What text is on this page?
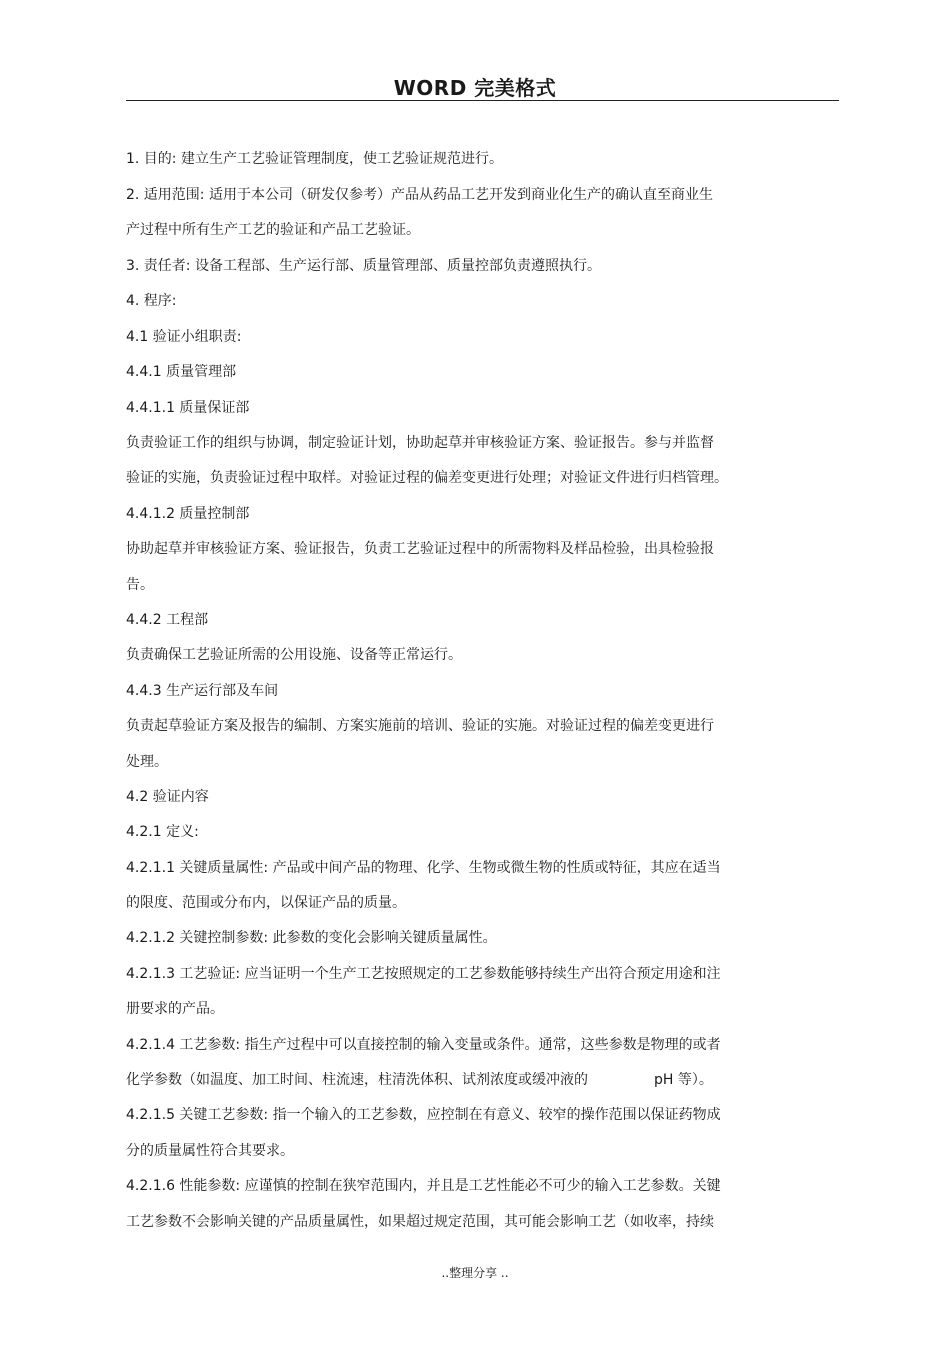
WORD 完美格式
1. 目的: 建立生产工艺验证管理制度，使工艺验证规范进行。
2. 适用范围: 适用于本公司（研发仅参考）产品从药品工艺开发到商业化生产的确认直至商业生
产过程中所有生产工艺的验证和产品工艺验证。
3. 责任者: 设备工程部、生产运行部、质量管理部、质量控部负责遵照执行。
4. 程序:
4.1 验证小组职责:
4.4.1 质量管理部
4.4.1.1 质量保证部
负责验证工作的组织与协调，制定验证计划，协助起草并审核验证方案、验证报告。参与并监督
验证的实施，负责验证过程中取样。对验证过程的偏差变更进行处理；对验证文件进行归档管理。
4.4.1.2 质量控制部
协助起草并审核验证方案、验证报告，负责工艺验证过程中的所需物料及样品检验，出具检验报
告。
4.4.2 工程部
负责确保工艺验证所需的公用设施、设备等正常运行。
4.4.3 生产运行部及车间
负责起草验证方案及报告的编制、方案实施前的培训、验证的实施。对验证过程的偏差变更进行
处理。
4.2 验证内容
4.2.1 定义:
4.2.1.1 关键质量属性: 产品或中间产品的物理、化学、生物或微生物的性质或特征，其应在适当
的限度、范围或分布内，以保证产品的质量。
4.2.1.2 关键控制参数: 此参数的变化会影响关键质量属性。
4.2.1.3 工艺验证: 应当证明一个生产工艺按照规定的工艺参数能够持续生产出符合预定用途和注
册要求的产品。
4.2.1.4 工艺参数: 指生产过程中可以直接控制的输入变量或条件。通常，这些参数是物理的或者
化学参数（如温度、加工时间、柱流速，柱清洗体积、试剂浓度或缓冲液的	pH 等）。
4.2.1.5 关键工艺参数: 指一个输入的工艺参数，应控制在有意义、较窄的操作范围以保证药物成
分的质量属性符合其要求。
4.2.1.6 性能参数: 应谨慎的控制在狭窄范围内，并且是工艺性能必不可少的输入工艺参数。关键
工艺参数不会影响关键的产品质量属性，如果超过规定范围，其可能会影响工艺（如收率，持续
..整理分享 ..
